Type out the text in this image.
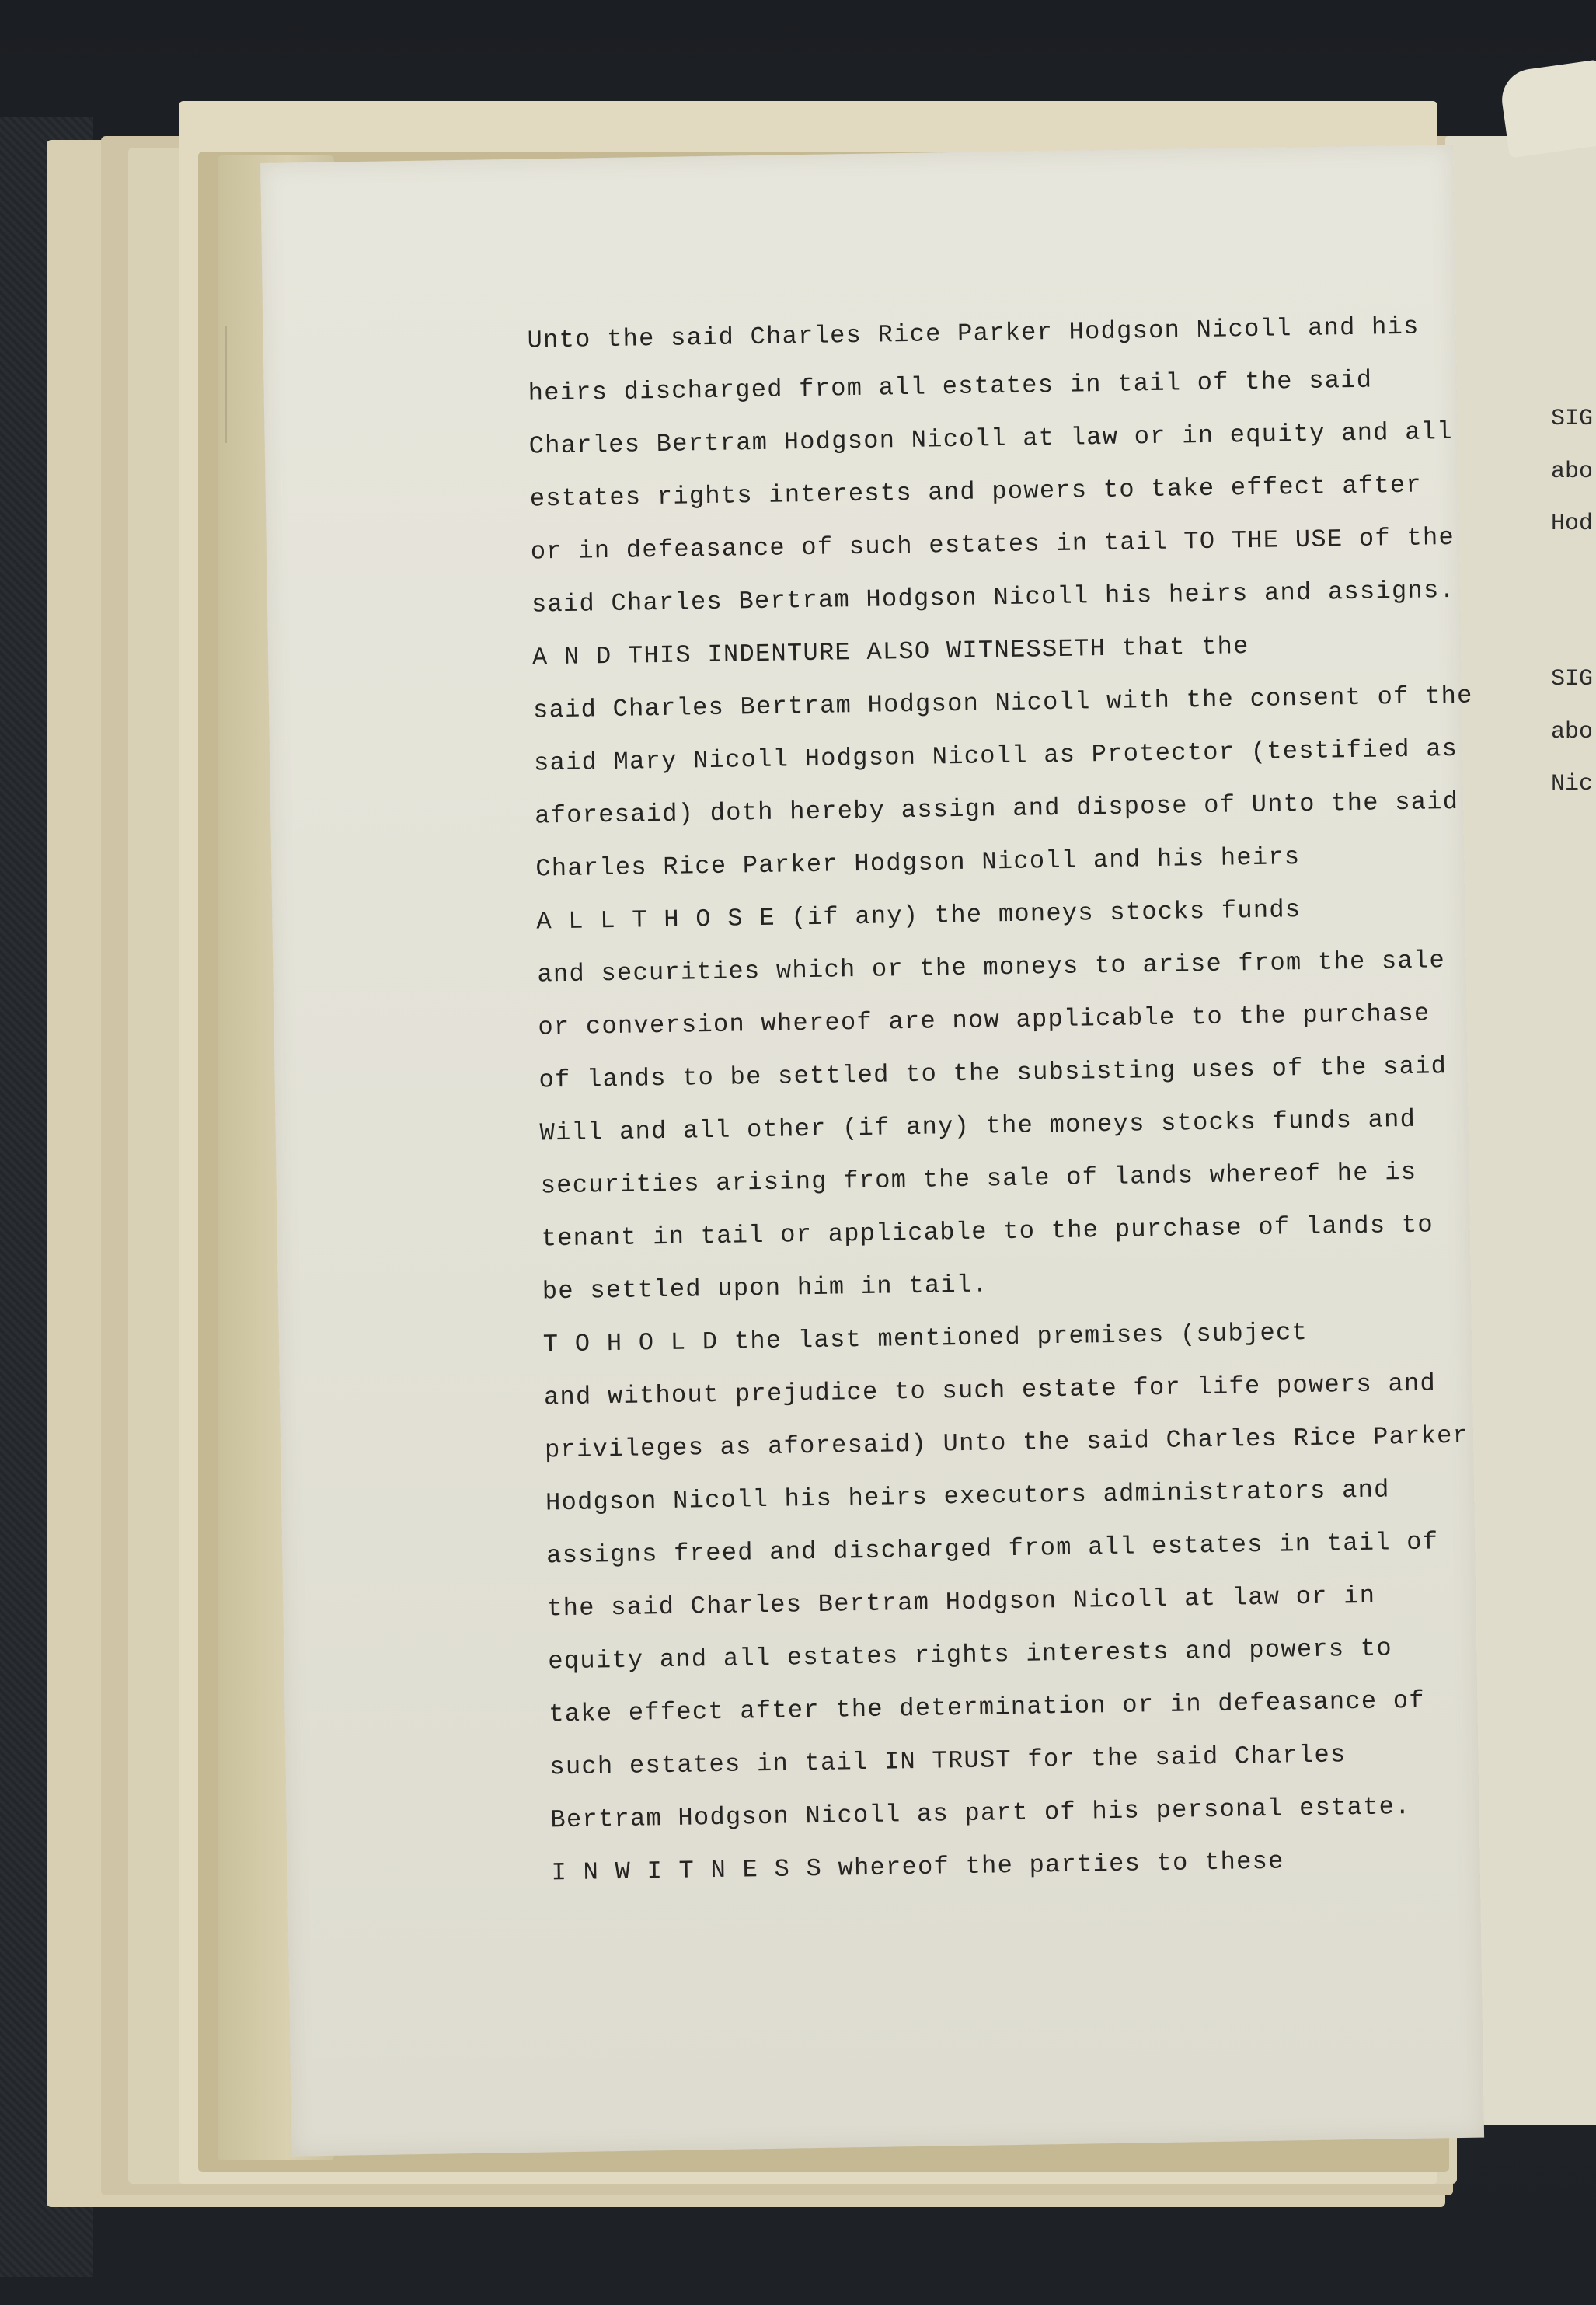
SIG
abo
Hod
SIG
abo
Nic
Unto the said Charles Rice Parker Hodgson Nicoll and his
heirs discharged from all estates in tail of the said
Charles Bertram Hodgson Nicoll at law or in equity and all
estates rights interests and powers to take effect after
or in defeasance of such estates in tail TO THE USE of the
said Charles Bertram Hodgson Nicoll his heirs and assigns.
A N D THIS INDENTURE ALSO WITNESSETH that the
said Charles Bertram Hodgson Nicoll with the consent of the
said Mary Nicoll Hodgson Nicoll as Protector (testified as
aforesaid) doth hereby assign and dispose of Unto the said
Charles Rice Parker Hodgson Nicoll and his heirs
A L L T H O S E (if any) the moneys stocks funds
and securities which or the moneys to arise from the sale
or conversion whereof are now applicable to the purchase
of lands to be settled to the subsisting uses of the said
Will and all other (if any) the moneys stocks funds and
securities arising from the sale of lands whereof he is
tenant in tail or applicable to the purchase of lands to
be settled upon him in tail.
T O H O L D the last mentioned premises (subject
and without prejudice to such estate for life powers and
privileges as aforesaid) Unto the said Charles Rice Parker
Hodgson Nicoll his heirs executors administrators and
assigns freed and discharged from all estates in tail of
the said Charles Bertram Hodgson Nicoll at law or in
equity and all estates rights interests and powers to
take effect after the determination or in defeasance of
such estates in tail IN TRUST for the said Charles
Bertram Hodgson Nicoll as part of his personal estate.
I N W I T N E S S whereof the parties to these
